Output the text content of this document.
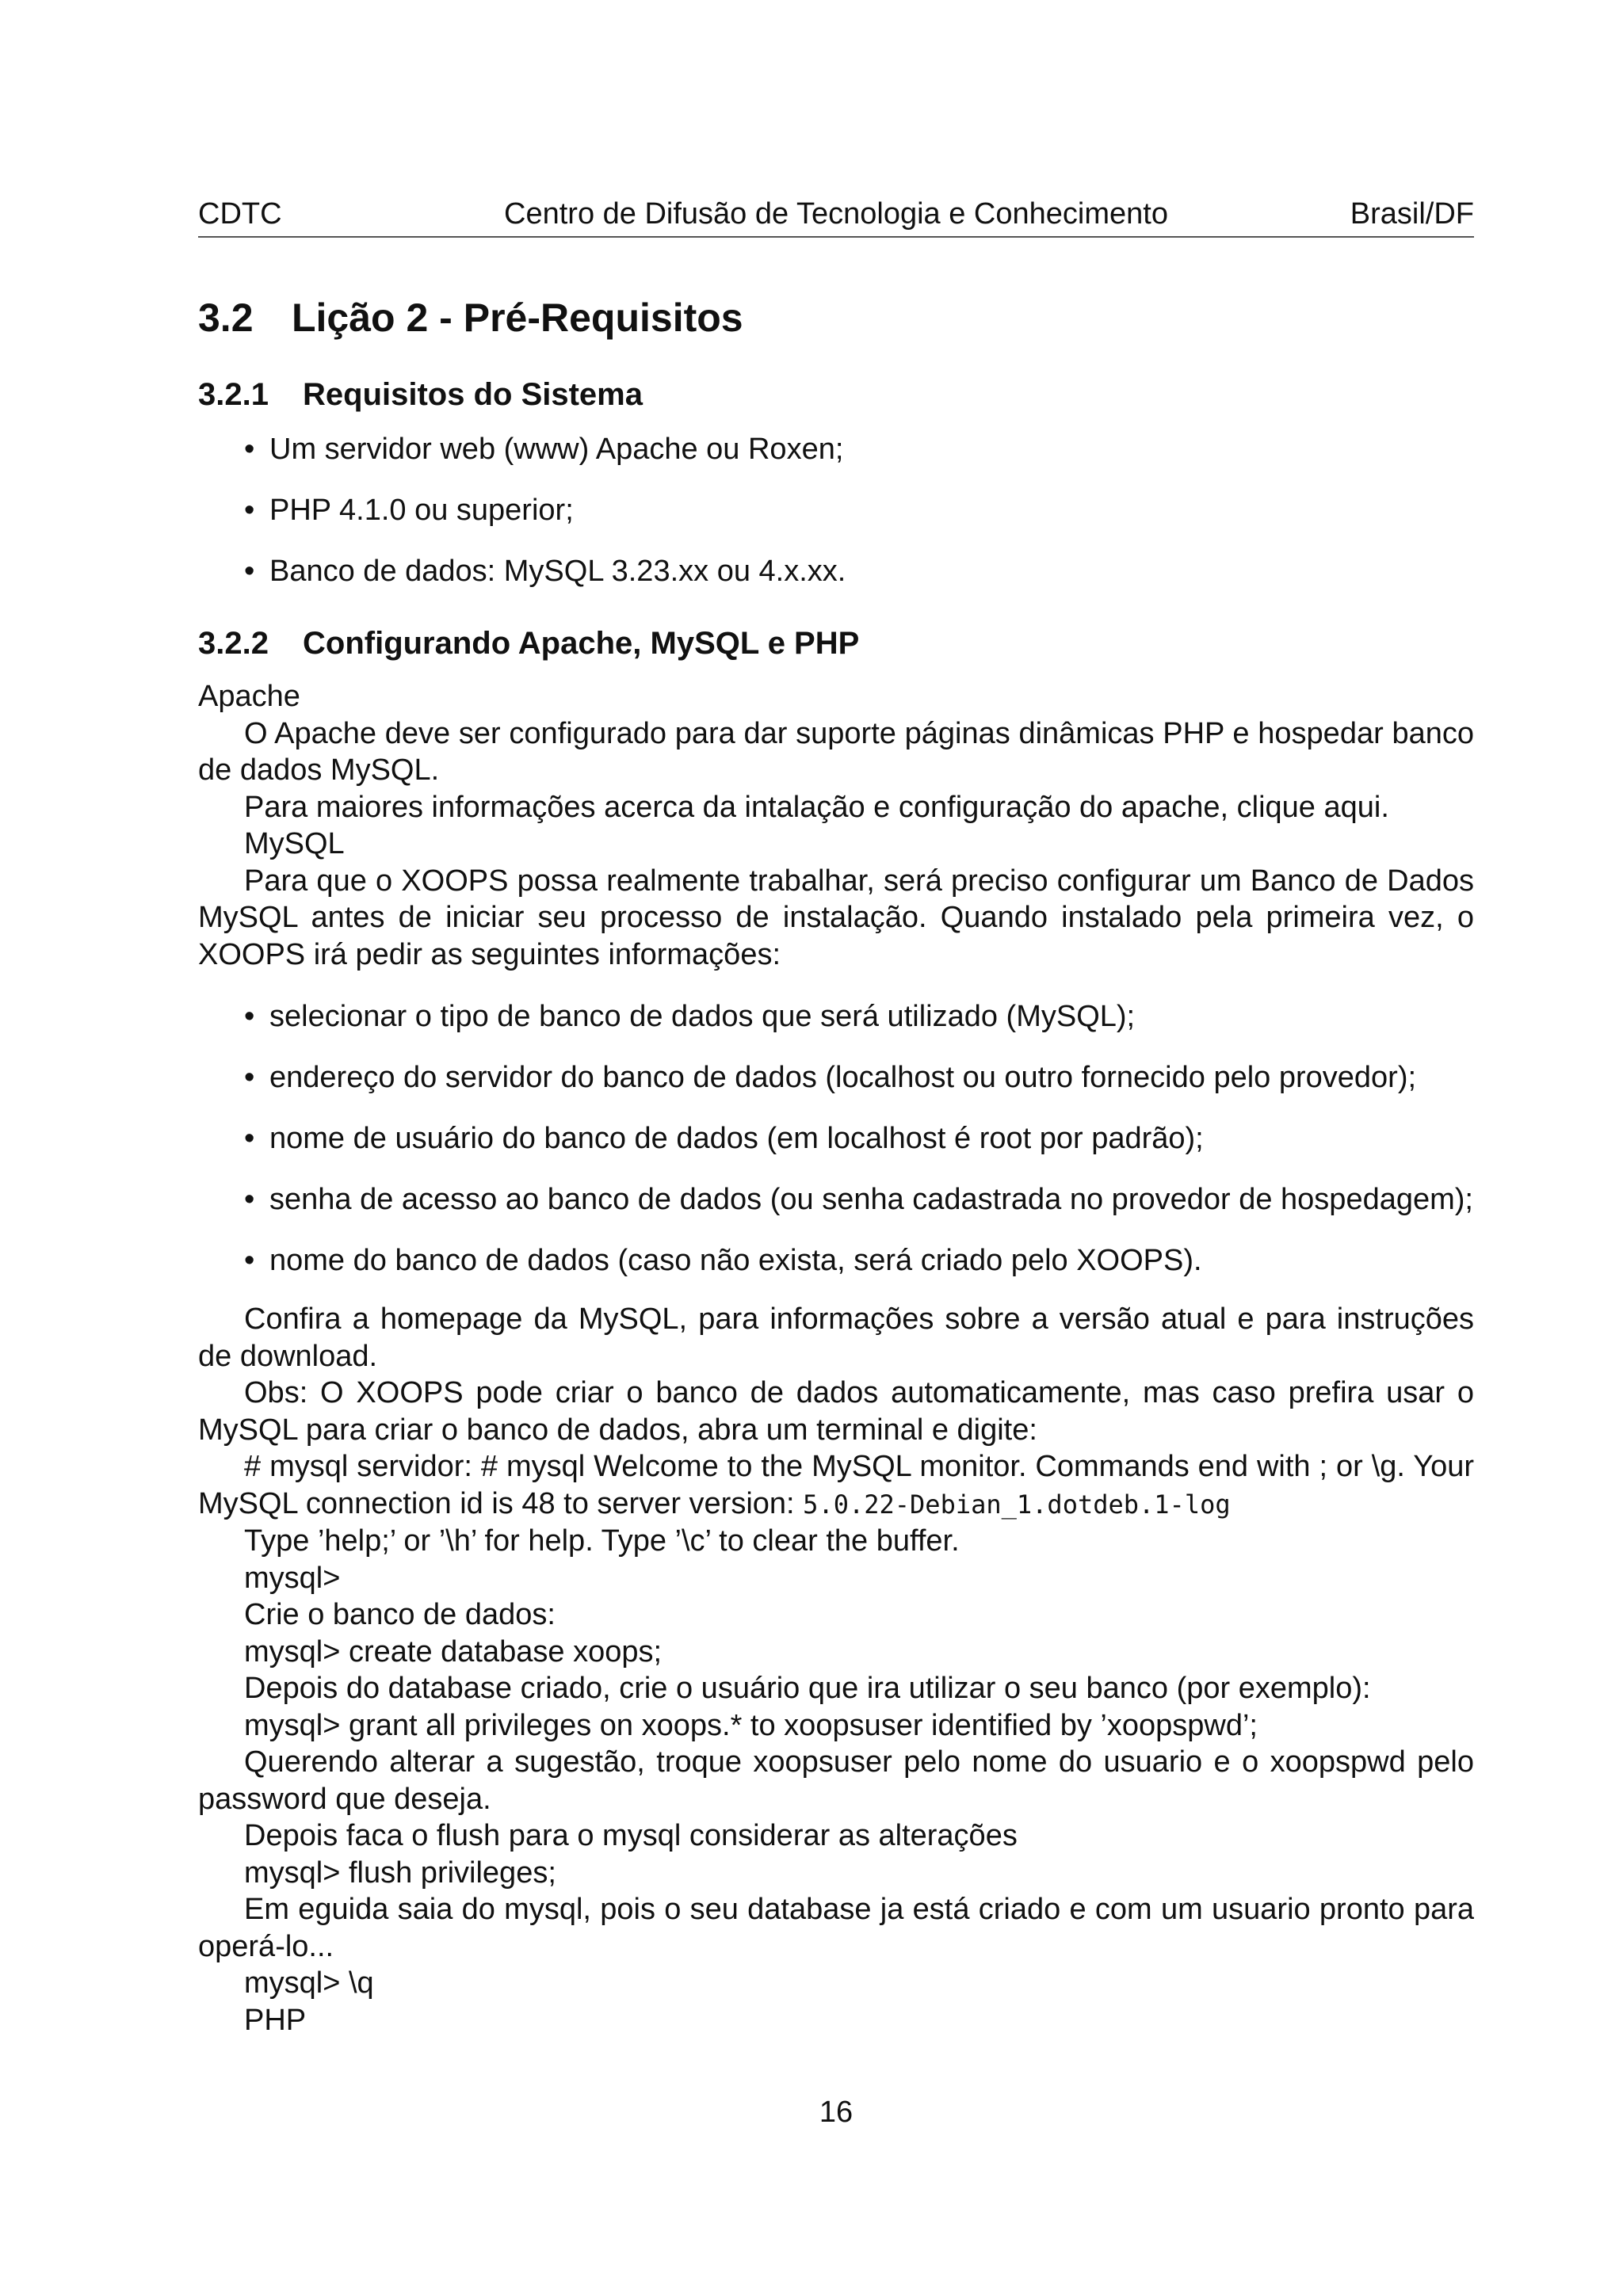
CDTC	Centro de Difusão de Tecnologia e Conhecimento	Brasil/DF
3.2 Lição 2 - Pré-Requisitos
3.2.1 Requisitos do Sistema
• Um servidor web (www) Apache ou Roxen;
• PHP 4.1.0 ou superior;
• Banco de dados: MySQL 3.23.xx ou 4.x.xx.
3.2.2 Configurando Apache, MySQL e PHP

Apache

O Apache deve ser configurado para dar suporte páginas dinâmicas PHP e hospedar banco de dados MySQL.

Para maiores informações acerca da intalação e configuração do apache, clique aqui.

MySQL

Para que o XOOPS possa realmente trabalhar, será preciso configurar um Banco de Dados MySQL antes de iniciar seu processo de instalação. Quando instalado pela primeira vez, o XOOPS irá pedir as seguintes informações:

• selecionar o tipo de banco de dados que será utilizado (MySQL);
• endereço do servidor do banco de dados (localhost ou outro fornecido pelo provedor);
• nome de usuário do banco de dados (em localhost é root por padrão);
• senha de acesso ao banco de dados (ou senha cadastrada no provedor de hospedagem);
• nome do banco de dados (caso não exista, será criado pelo XOOPS).

Confira a homepage da MySQL, para informações sobre a versão atual e para instruções de download.

Obs: O XOOPS pode criar o banco de dados automaticamente, mas caso prefira usar o MySQL para criar o banco de dados, abra um terminal e digite:

# mysql servidor: # mysql Welcome to the MySQL monitor. Commands end with ; or \g. Your MySQL connection id is 48 to server version: 5.0.22-Debian_1.dotdeb.1-log

Type ’help;’ or ’\h’ for help. Type ’\c’ to clear the buffer.

mysql>

Crie o banco de dados:

mysql> create database xoops;

Depois do database criado, crie o usuário que ira utilizar o seu banco (por exemplo):

mysql> grant all privileges on xoops.* to xoopsuser identified by ’xoopspwd’;

Querendo alterar a sugestão, troque xoopsuser pelo nome do usuario e o xoopspwd pelo password que deseja.

Depois faca o flush para o mysql considerar as alterações

mysql> flush privileges;

Em eguida saia do mysql, pois o seu database ja está criado e com um usuario pronto para operá-lo...

mysql> \q

PHP

16
